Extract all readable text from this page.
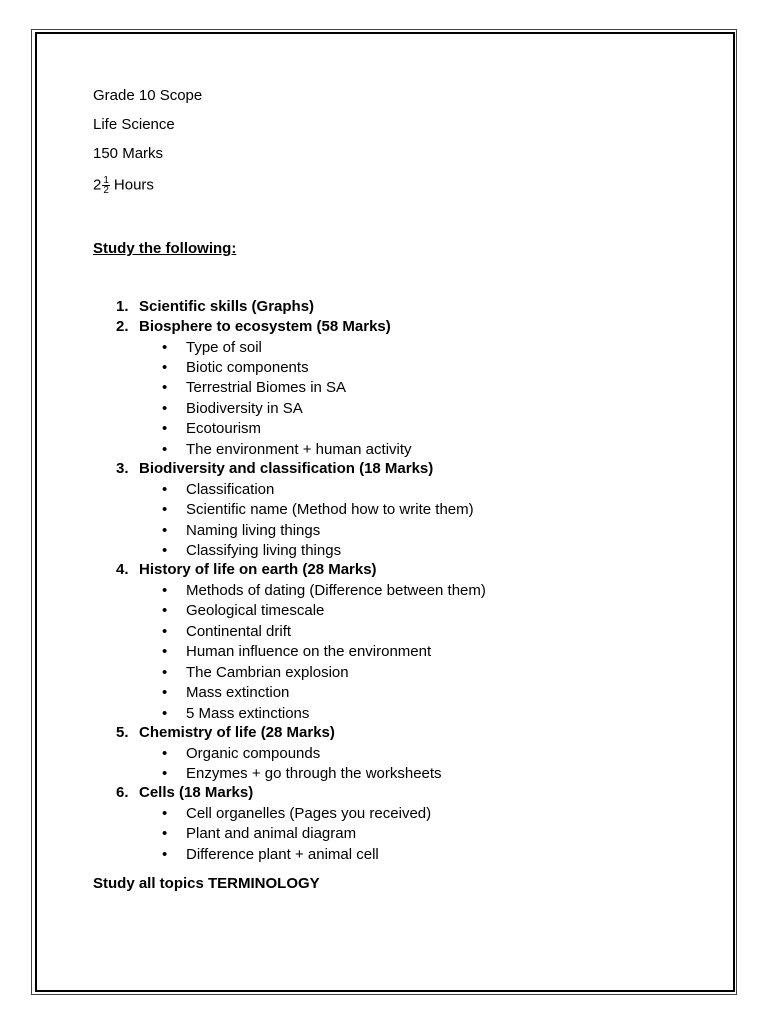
Grade 10 Scope
Life Science
150 Marks
$2 \frac{1}{2}$ Hours
Study the following:
1. Scientific skills (Graphs)
2. Biosphere to ecosystem (58 Marks)
• Type of soil
• Biotic components
• Terrestrial Biomes in SA
• Biodiversity in SA
• Ecotourism
• The environment + human activity
3. Biodiversity and classification (18 Marks)
• Classification
• Scientific name (Method how to write them)
• Naming living things
• Classifying living things
4. History of life on earth (28 Marks)
• Methods of dating (Difference between them)
• Geological timescale
• Continental drift
• Human influence on the environment
• The Cambrian explosion
• Mass extinction
• 5 Mass extinctions
5. Chemistry of life (28 Marks)
• Organic compounds
• Enzymes + go through the worksheets
6. Cells (18 Marks)
• Cell organelles (Pages you received)
• Plant and animal diagram
• Difference plant + animal cell
Study all topics TERMINOLOGY
